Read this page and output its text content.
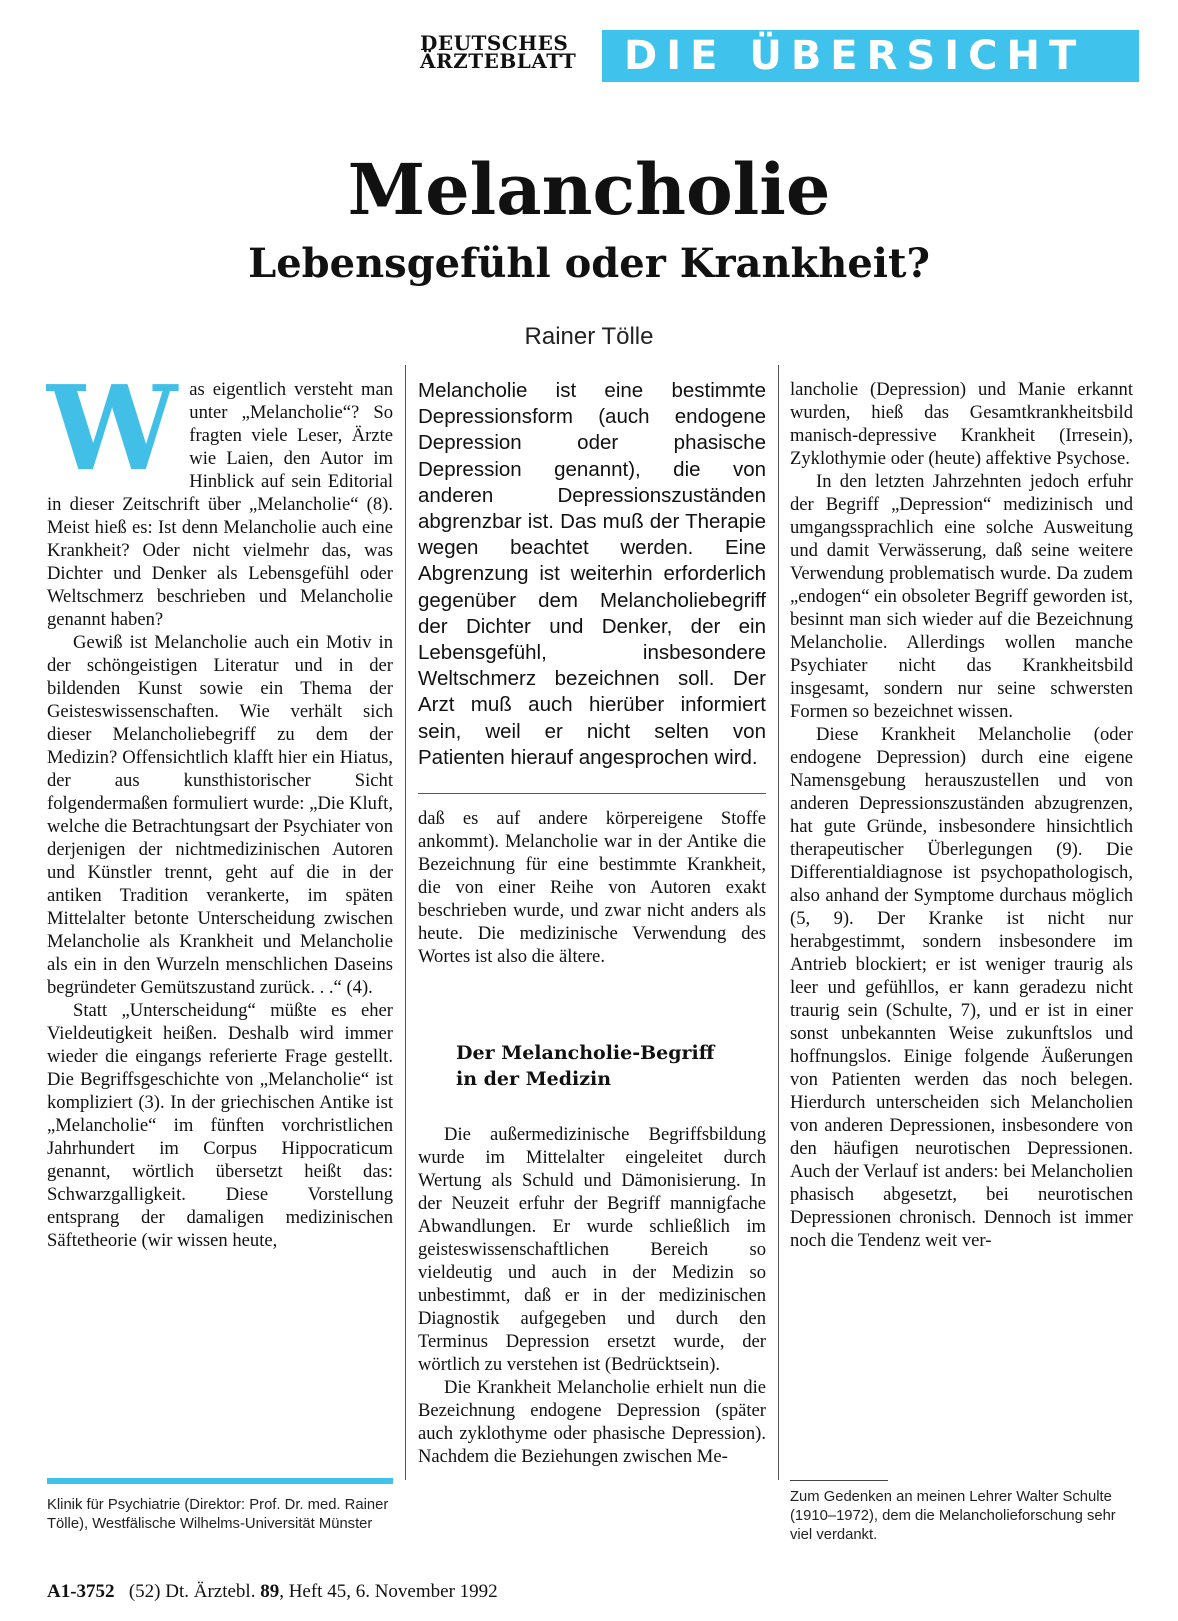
DEUTSCHES
ÄRZTEBLATT	DIE ÜBERSICHT
Melancholie
Lebensgefühl oder Krankheit?
Rainer Tölle
W as eigentlich versteht man unter „Melancholie“? So fragten viele Leser, Ärzte wie Laien, den Autor im Hinblick auf sein Editorial in dieser Zeitschrift über „Melancholie“ (8). Meist hieß es: Ist denn Melancholie auch eine Krankheit? Oder nicht vielmehr das, was Dichter und Denker als Lebensgefühl oder Weltschmerz beschrieben und Melancholie genannt haben?

Gewiß ist Melancholie auch ein Motiv in der schöngeistigen Literatur und in der bildenden Kunst sowie ein Thema der Geisteswissenschaften. Wie verhält sich dieser Melancholiebegriff zu dem der Medizin? Offensichtlich klafft hier ein Hiatus, der aus kunsthistorischer Sicht folgendermaßen formuliert wurde: „Die Kluft, welche die Betrachtungsart der Psychiater von derjenigen der nichtmedizinischen Autoren und Künstler trennt, geht auf die in der antiken Tradition verankerte, im späten Mittelalter betonte Unterscheidung zwischen Melancholie als Krankheit und Melancholie als ein in den Wurzeln menschlichen Daseins begründeter Gemütszustand zurück. . .“ (4).

Statt „Unterscheidung“ müßte es eher Vieldeutigkeit heißen. Deshalb wird immer wieder die eingangs referierte Frage gestellt. Die Begriffsgeschichte von „Melancholie“ ist kompliziert (3). In der griechischen Antike ist „Melancholie“ im fünften vorchristlichen Jahrhundert im Corpus Hippocraticum genannt, wörtlich übersetzt heißt das: Schwarzgalligkeit. Diese Vorstellung entsprang der damaligen medizinischen Säftetheorie (wir wissen heute,

Melancholie ist eine bestimmte Depressionsform (auch endogene Depression oder phasische Depression genannt), die von anderen Depressionszuständen abgrenzbar ist. Das muß der Therapie wegen beachtet werden. Eine Abgrenzung ist weiterhin erforderlich gegenüber dem Melancholiebegriff der Dichter und Denker, der ein Lebensgefühl, insbesondere Weltschmerz bezeichnen soll. Der Arzt muß auch hierüber informiert sein, weil er nicht selten von Patienten hierauf angesprochen wird.

daß es auf andere körpereigene Stoffe ankommt). Melancholie war in der Antike die Bezeichnung für eine bestimmte Krankheit, die von einer Reihe von Autoren exakt beschrieben wurde, und zwar nicht anders als heute. Die medizinische Verwendung des Wortes ist also die ältere.

Der Melancholie-Begriff
in der Medizin

Die außermedizinische Begriffsbildung wurde im Mittelalter eingeleitet durch Wertung als Schuld und Dämonisierung. In der Neuzeit erfuhr der Begriff mannigfache Abwandlungen. Er wurde schließlich im geisteswissenschaftlichen Bereich so vieldeutig und auch in der Medizin so unbestimmt, daß er in der medizinischen Diagnostik aufgegeben und durch den Terminus Depression ersetzt wurde, der wörtlich zu verstehen ist (Bedrücktsein).

Die Krankheit Melancholie erhielt nun die Bezeichnung endogene Depression (später auch zyklothyme oder phasische Depression). Nachdem die Beziehungen zwischen Me-

lancholie (Depression) und Manie erkannt wurden, hieß das Gesamtkrankheitsbild manisch-depressive Krankheit (Irresein), Zyklothymie oder (heute) affektive Psychose.

In den letzten Jahrzehnten jedoch erfuhr der Begriff „Depression“ medizinisch und umgangssprachlich eine solche Ausweitung und damit Verwässerung, daß seine weitere Verwendung problematisch wurde. Da zudem „endogen“ ein obsoleter Begriff geworden ist, besinnt man sich wieder auf die Bezeichnung Melancholie. Allerdings wollen manche Psychiater nicht das Krankheitsbild insgesamt, sondern nur seine schwersten Formen so bezeichnet wissen.

Diese Krankheit Melancholie (oder endogene Depression) durch eine eigene Namensgebung herauszustellen und von anderen Depressionszuständen abzugrenzen, hat gute Gründe, insbesondere hinsichtlich therapeutischer Überlegungen (9). Die Differentialdiagnose ist psychopathologisch, also anhand der Symptome durchaus möglich (5, 9). Der Kranke ist nicht nur herabgestimmt, sondern insbesondere im Antrieb blockiert; er ist weniger traurig als leer und gefühllos, er kann geradezu nicht traurig sein (Schulte, 7), und er ist in einer sonst unbekannten Weise zukunftslos und hoffnungslos. Einige folgende Äußerungen von Patienten werden das noch belegen. Hierdurch unterscheiden sich Melancholien von anderen Depressionen, insbesondere von den häufigen neurotischen Depressionen. Auch der Verlauf ist anders: bei Melancholien phasisch abgesetzt, bei neurotischen Depressionen chronisch. Dennoch ist immer noch die Tendenz weit ver-

Klinik für Psychiatrie (Direktor: Prof. Dr. med. Rainer Tölle), Westfälische Wilhelms-Universität Münster
Zum Gedenken an meinen Lehrer Walter Schulte (1910–1972), dem die Melancholieforschung sehr viel verdankt.
A1-3752 (52) Dt. Ärztebl. 89, Heft 45, 6. November 1992
